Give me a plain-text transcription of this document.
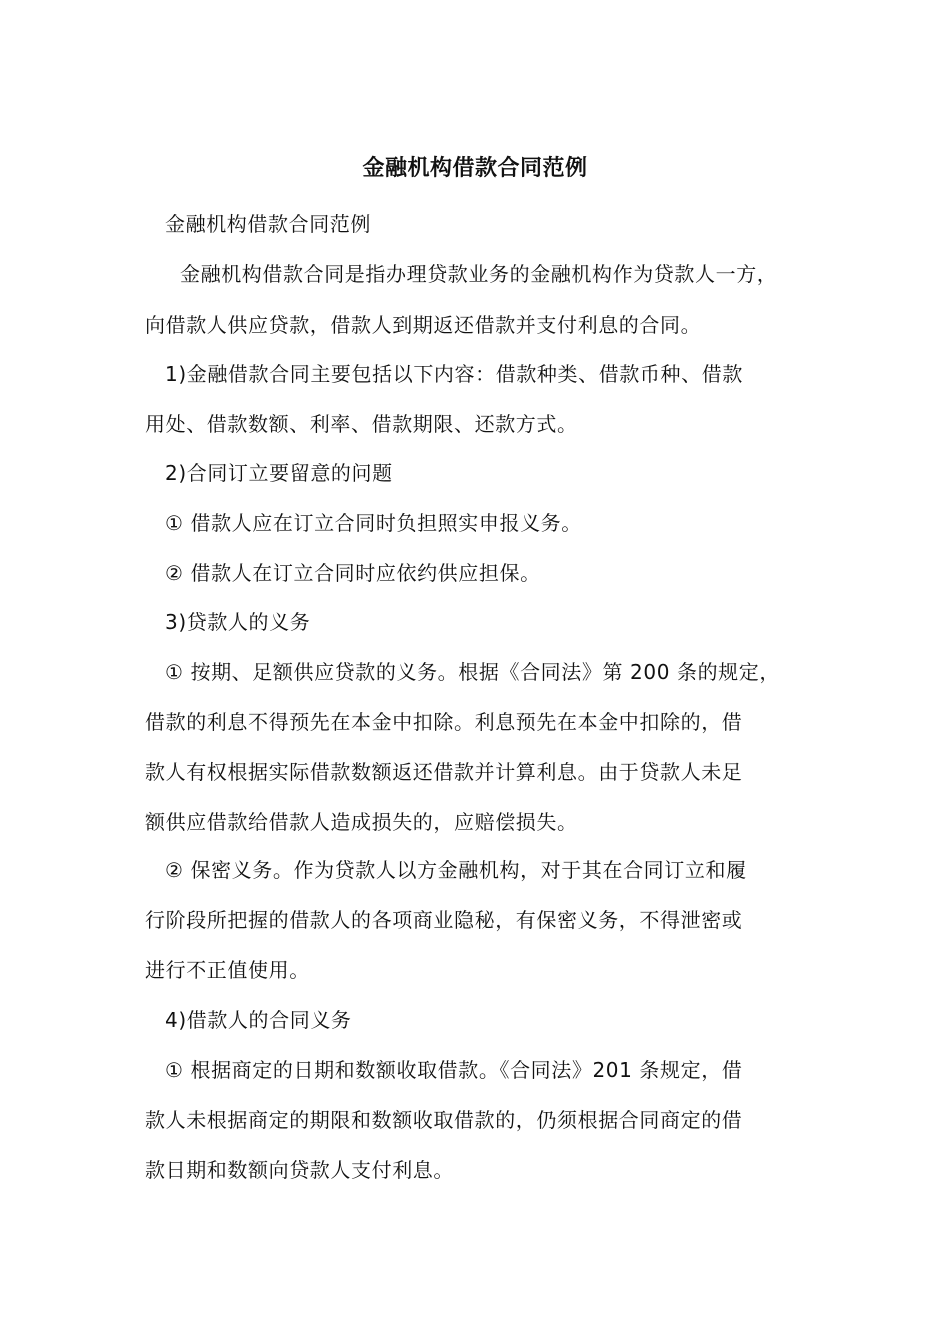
金融机构借款合同范例
金融机构借款合同范例
金融机构借款合同是指办理贷款业务的金融机构作为贷款人一方，
向借款人供应贷款，借款人到期返还借款并支付利息的合同。
1)金融借款合同主要包括以下内容：借款种类、借款币种、借款
用处、借款数额、利率、借款期限、还款方式。
2)合同订立要留意的问题
① 借款人应在订立合同时负担照实申报义务。
② 借款人在订立合同时应依约供应担保。
3)贷款人的义务
① 按期、足额供应贷款的义务。根据《合同法》第 200 条的规定，
借款的利息不得预先在本金中扣除。利息预先在本金中扣除的，借
款人有权根据实际借款数额返还借款并计算利息。由于贷款人未足
额供应借款给借款人造成损失的，应赔偿损失。
② 保密义务。作为贷款人以方金融机构，对于其在合同订立和履
行阶段所把握的借款人的各项商业隐秘，有保密义务，不得泄密或
进行不正值使用。
4)借款人的合同义务
① 根据商定的日期和数额收取借款。《合同法》201 条规定，借
款人未根据商定的期限和数额收取借款的，仍须根据合同商定的借
款日期和数额向贷款人支付利息。
